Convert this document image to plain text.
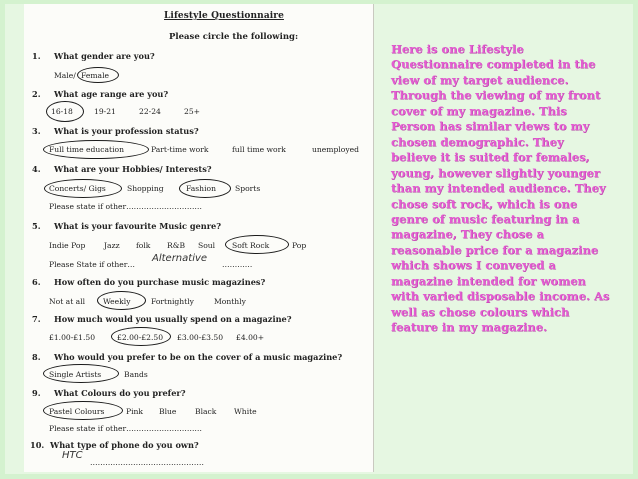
Lifestyle Questionnaire
Please circle the following:
1. What gender are you?
Male/ Female
2. What age range are you?
16-18	19-21	22-24	25+
3. What is your profession status?
Full time education	Part-time work	full time work	unemployed
4. What are your Hobbies/ Interests?
Concerts/ Gigs	Shopping	Fashion	Sports
Please state if other…………………………
5. What is your favourite Music genre?
Indie Pop Jazz folk R&B Soul Soft Rock	Pop
Please State if other…
Alternative
…………
6. How often do you purchase music magazines?
Not at all Weekly	Fortnightly	Monthly
7. How much would you usually spend on a magazine?
£1.00-£1.50	£2.00-£2.50 £3.00-£3.50 £4.00+
8. Who would you prefer to be on the cover of a music magazine?
Single Artists	Bands
9. What Colours do you prefer?
Pastel Colours	Pink Blue Black White
Please state if other…………………………
10. What type of phone do you own?
HTC
………………………………………
Here is one Lifestyle Questionnaire completed in the view of my target audience. Through the viewing of my front cover of my magazine. This Person has similar views to my chosen demographic. They believe it is suited for females, young, however slightly younger than my intended audience. They chose soft rock, which is one genre of music featuring in a magazine, They chose a reasonable price for a magazine which shows I conveyed a magazine intended for women with varied disposable income. As well as chose colours which feature in my magazine.
